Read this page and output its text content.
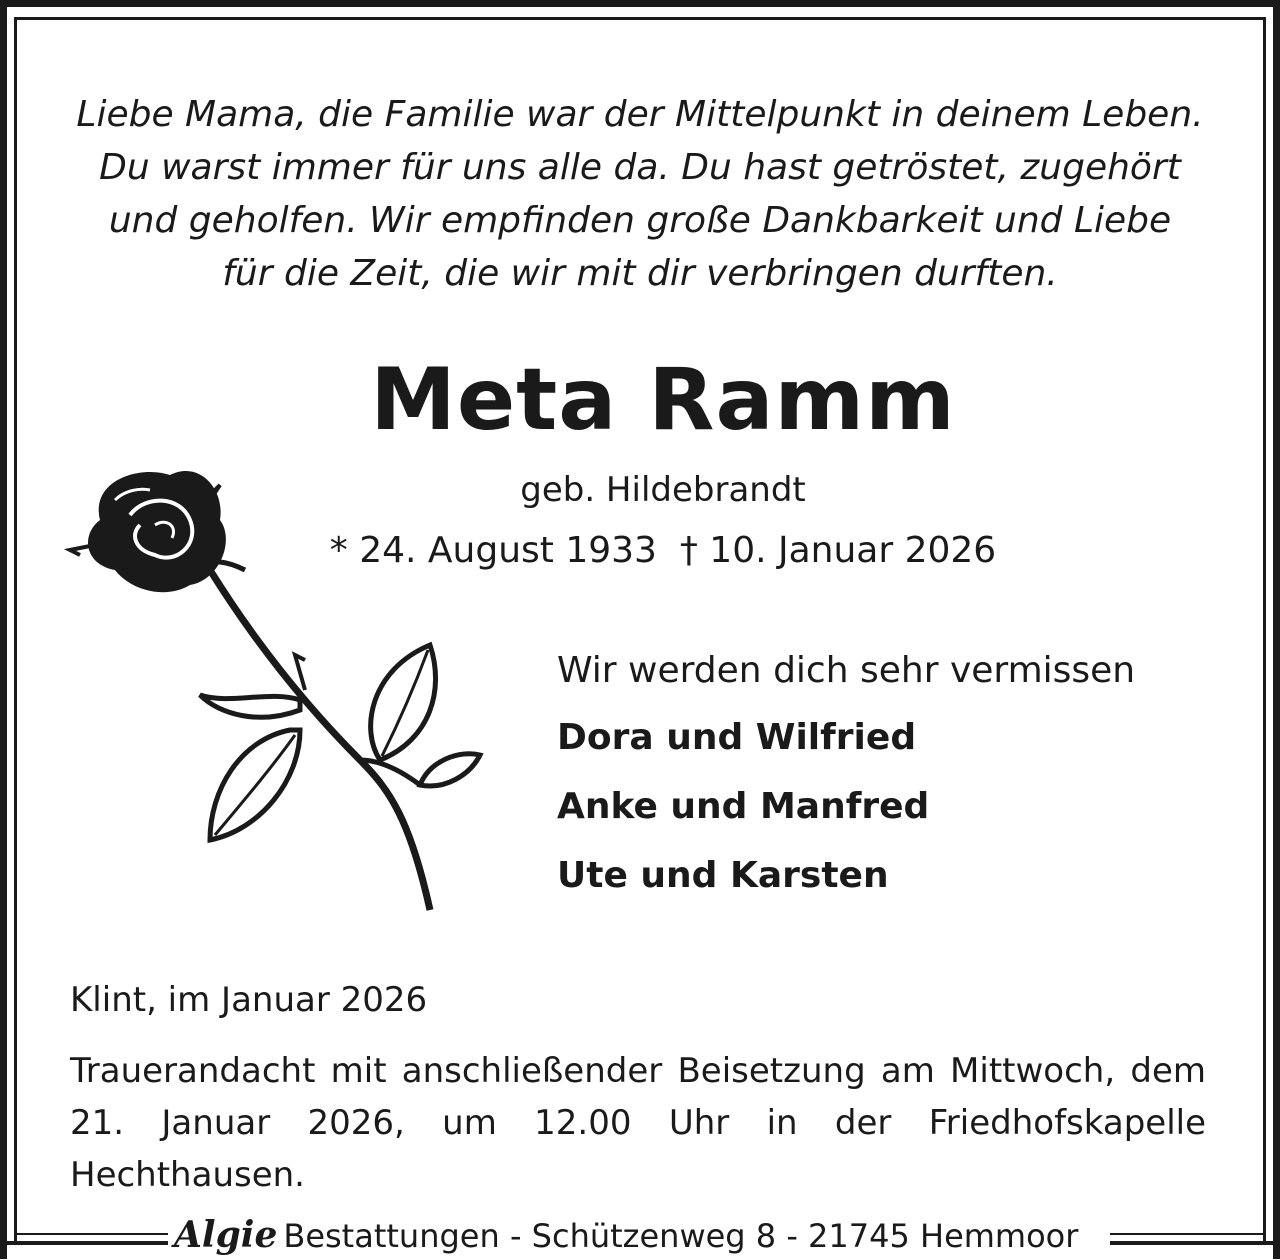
Liebe Mama, die Familie war der Mittelpunkt in deinem Leben.
Du warst immer für uns alle da. Du hast getröstet, zugehört
und geholfen. Wir empfinden große Dankbarkeit und Liebe
für die Zeit, die wir mit dir verbringen durften.
Meta Ramm
geb. Hildebrandt
* 24. August 1933 † 10. Januar 2026
Wir werden dich sehr vermissen
Dora und Wilfried
Anke und Manfred
Ute und Karsten
Klint, im Januar 2026
Trauerandacht mit anschließender Beisetzung am Mittwoch, dem 21. Januar 2026, um 12.00 Uhr in der Friedhofskapelle Hechthausen.
Algie Bestattungen - Schützenweg 8 - 21745 Hemmoor
